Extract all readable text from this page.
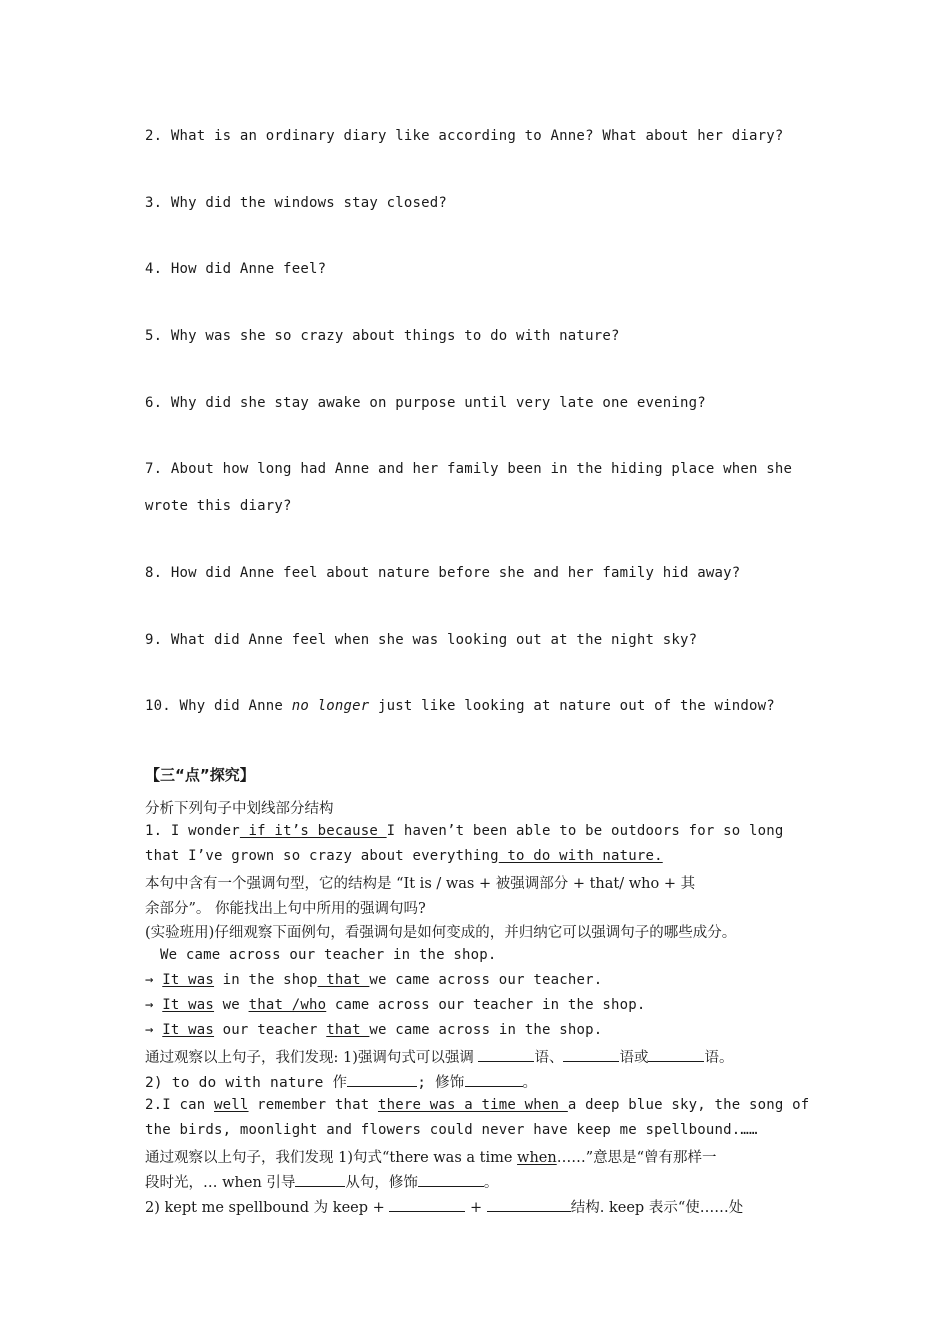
2. What is an ordinary diary like according to Anne? What about her diary?
3. Why did the windows stay closed?
4. How did Anne feel?
5. Why was she so crazy about things to do with nature?
6. Why did she stay awake on purpose until very late one evening?
7. About how long had Anne and her family been in the hiding place when she
wrote this diary?
8. How did Anne feel about nature before she and her family hid away?
9. What did Anne feel when she was looking out at the night sky?
10. Why did Anne no longer just like looking at nature out of the window?
【三“点”探究】
分析下列句子中划线部分结构
1. I wonder if it’s because I haven’t been able to be outdoors for so long
that I’ve grown so crazy about everything to do with nature.
本句中含有一个强调句型，它的结构是 “It is / was + 被强调部分 + that/ who + 其
余部分”。 你能找出上句中所用的强调句吗?
(实验班用)仔细观察下面例句，看强调句是如何变成的，并归纳它可以强调句子的哪些成分。
We came across our teacher in the shop.
→ It was in the shop that we came across our teacher.
→ It was we that /who came across our teacher in the shop.
→ It was our teacher that we came across in the shop.
通过观察以上句子，我们发现: 1)强调句式可以强调	语、	语或	语。
2) to do with nature 作	; 修饰	。
2.I can well remember that there was a time when a deep blue sky, the song of
the birds, moonlight and flowers could never have keep me spellbound.……
通过观察以上句子，我们发现 1)句式“there was a time when……”意思是“曾有那样一
段时光，… when 引导	从句，修饰	。
2) kept me spellbound 为 keep +	+	结构. keep 表示“使……处
